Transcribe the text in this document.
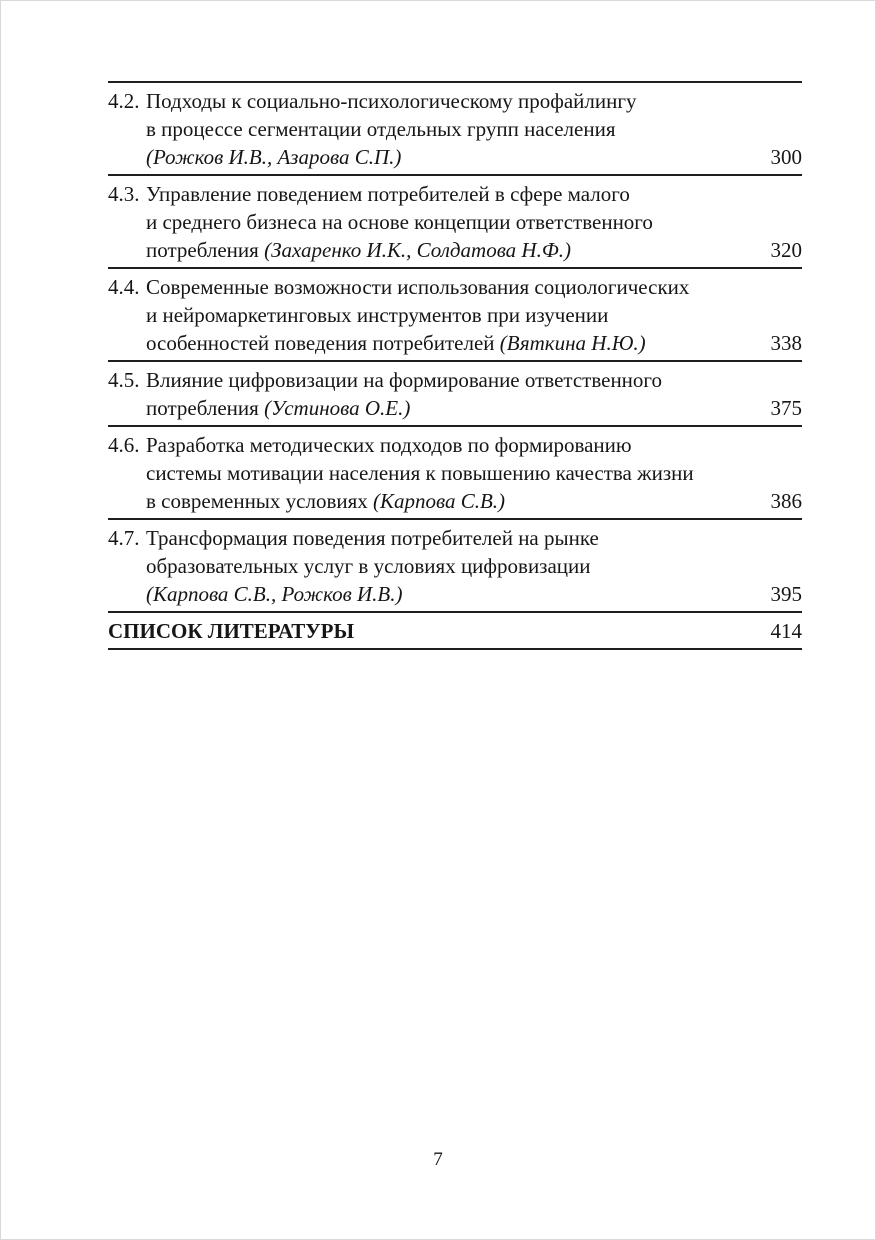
4.2. Подходы к социально-психологическому профайлингу
в процессе сегментации отдельных групп населения
(Рожков И.В., Азарова С.П.)	300
4.3. Управление поведением потребителей в сфере малого
и среднего бизнеса на основе концепции ответственного
потребления (Захаренко И.К., Солдатова Н.Ф.)	320
4.4. Современные возможности использования социологических
и нейромаркетинговых инструментов при изучении
особенностей поведения потребителей (Вяткина Н.Ю.)	338
4.5. Влияние цифровизации на формирование ответственного
потребления (Устинова О.Е.)	375
4.6. Разработка методических подходов по формированию
системы мотивации населения к повышению качества жизни
в современных условиях (Карпова С.В.)	386
4.7. Трансформация поведения потребителей на рынке
образовательных услуг в условиях цифровизации
(Карпова С.В., Рожков И.В.)	395
СПИСОК ЛИТЕРАТУРЫ	414
7
